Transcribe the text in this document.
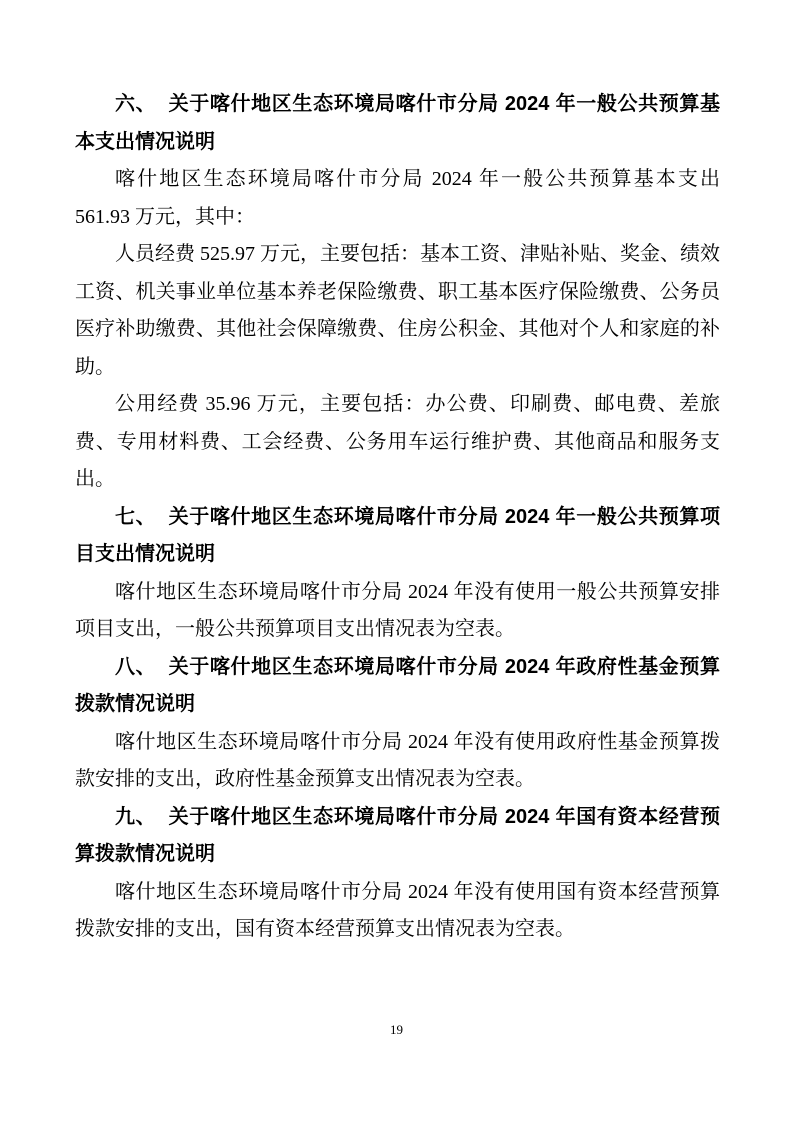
六、 关于喀什地区生态环境局喀什市分局 2024 年一般公共预算基本支出情况说明

喀什地区生态环境局喀什市分局 2024 年一般公共预算基本支出 561.93 万元，其中：

人员经费 525.97 万元，主要包括：基本工资、津贴补贴、奖金、绩效工资、机关事业单位基本养老保险缴费、职工基本医疗保险缴费、公务员医疗补助缴费、其他社会保障缴费、住房公积金、其他对个人和家庭的补助。

公用经费 35.96 万元，主要包括：办公费、印刷费、邮电费、差旅费、专用材料费、工会经费、公务用车运行维护费、其他商品和服务支出。

七、 关于喀什地区生态环境局喀什市分局 2024 年一般公共预算项目支出情况说明

喀什地区生态环境局喀什市分局 2024 年没有使用一般公共预算安排项目支出，一般公共预算项目支出情况表为空表。

八、 关于喀什地区生态环境局喀什市分局 2024 年政府性基金预算拨款情况说明

喀什地区生态环境局喀什市分局 2024 年没有使用政府性基金预算拨款安排的支出，政府性基金预算支出情况表为空表。

九、 关于喀什地区生态环境局喀什市分局 2024 年国有资本经营预算拨款情况说明

喀什地区生态环境局喀什市分局 2024 年没有使用国有资本经营预算拨款安排的支出，国有资本经营预算支出情况表为空表。

19
